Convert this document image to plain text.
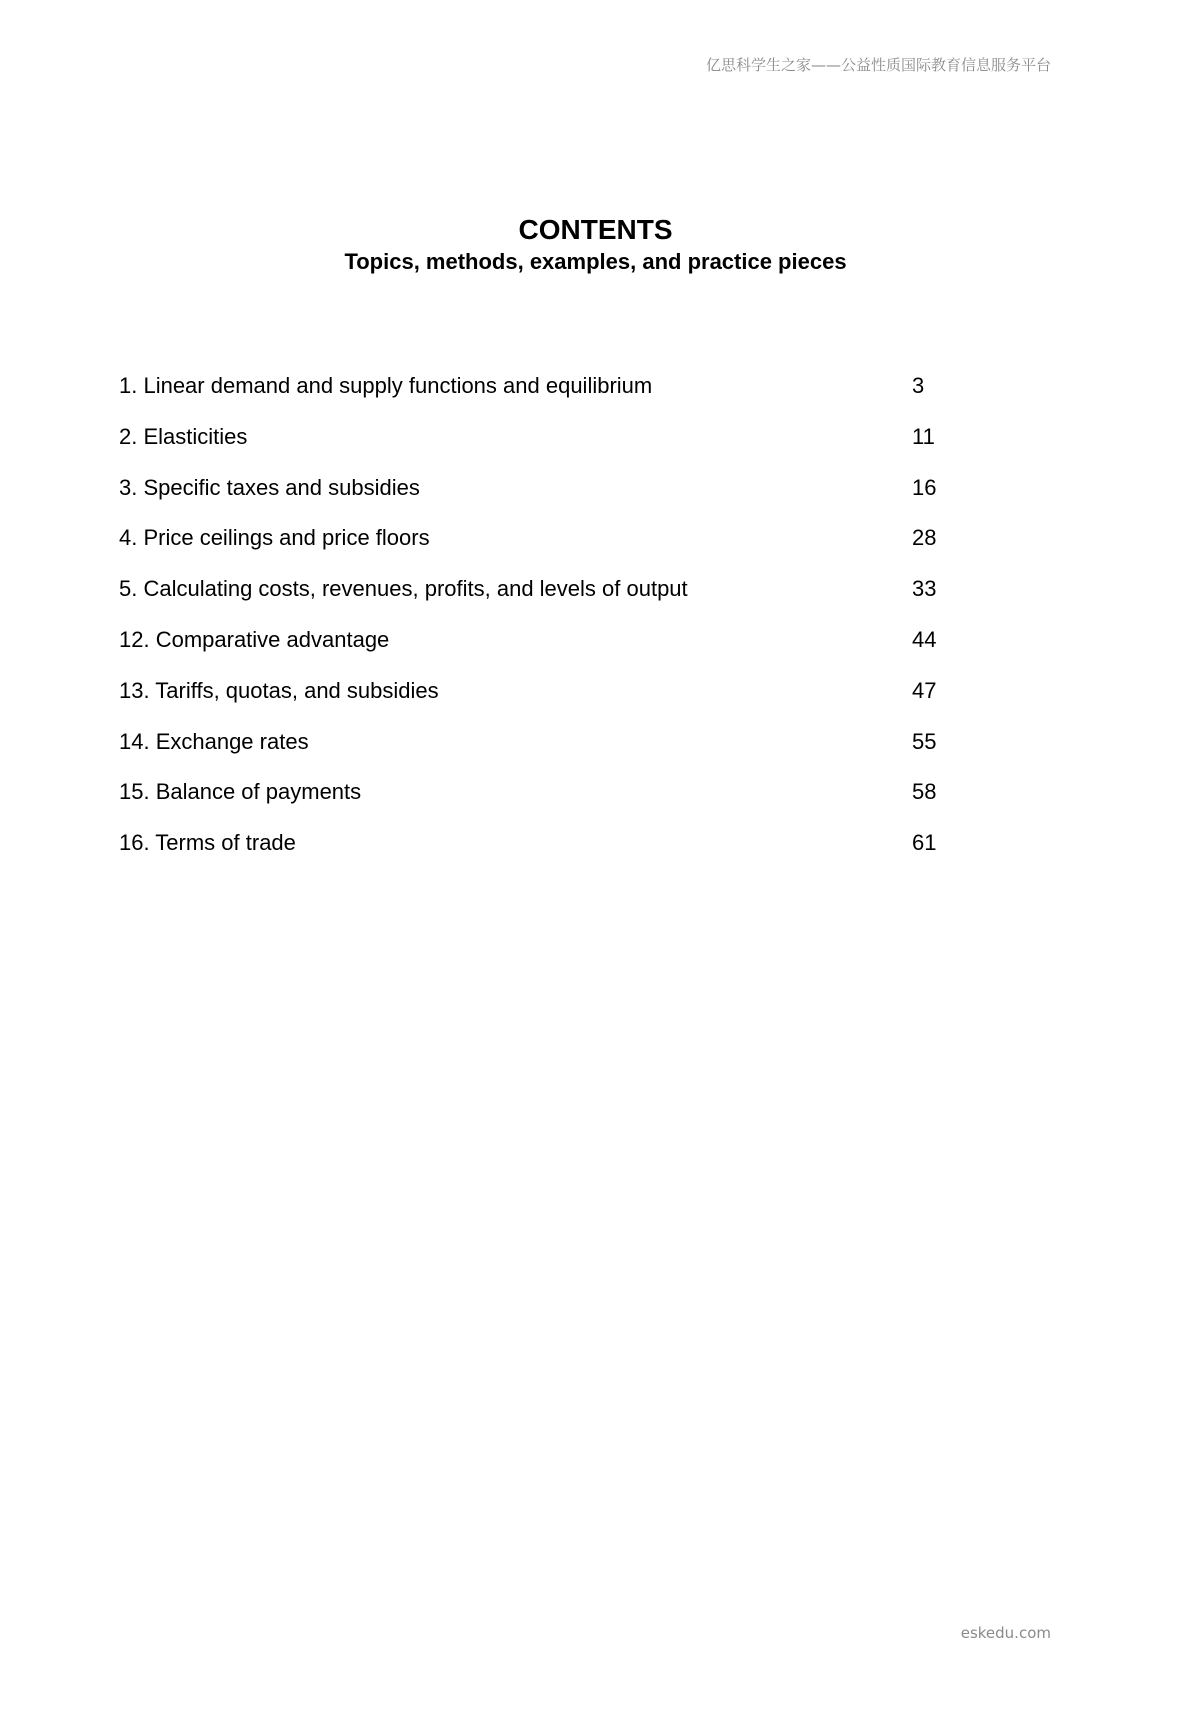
亿思科学生之家——公益性质国际教育信息服务平台
CONTENTS
Topics, methods, examples, and practice pieces
1. Linear demand and supply functions and equilibrium	3
2. Elasticities	11
3. Specific taxes and subsidies	16
4. Price ceilings and price floors	28
5. Calculating costs, revenues, profits, and levels of output	33
12. Comparative advantage	44
13. Tariffs, quotas, and subsidies	47
14. Exchange rates	55
15. Balance of payments	58
16. Terms of trade	61
eskedu.com
